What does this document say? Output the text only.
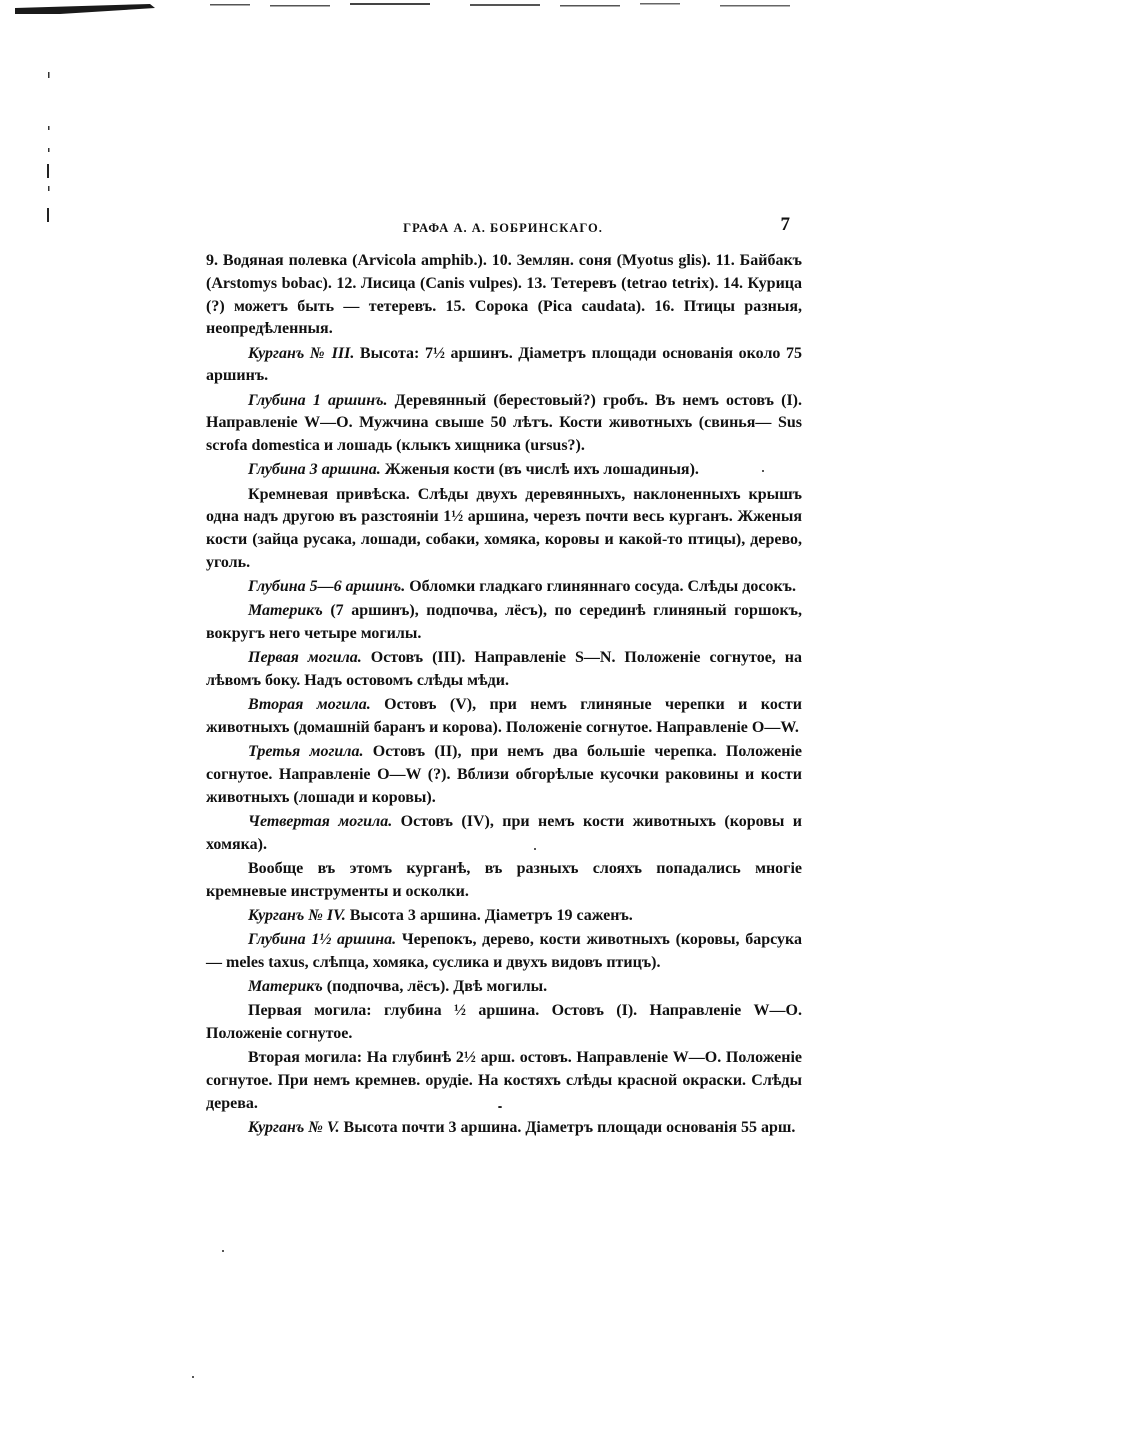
ГРАФА А. А. БОБРИНСКАГО.	7

9. Водяная полевка (Arvicola amphib.). 10. Землян. соня (Myotus glis). 11. Байбакъ (Arstomys bobac). 12. Лисица (Canis vulpes). 13. Тетеревъ (tetrao tetrix). 14. Курица (?) можетъ быть — тетеревъ. 15. Сорока (Pica caudata). 16. Птицы разныя, неопредѣленныя.

Курганъ № III. Высота: 7½ аршинъ. Діаметръ площади основанія около 75 аршинъ.

Глубина 1 аршинъ. Деревянный (берестовый?) гробъ. Въ немъ остовъ (I). Направленіе W—O. Мужчина свыше 50 лѣтъ. Кости животныхъ (свинья— Sus scrofa domestica и лошадь (клыкъ хищника (ursus?).

Глубина 3 аршина. Жженыя кости (въ числѣ ихъ лошадиныя).

Кремневая привѣска. Слѣды двухъ деревянныхъ, наклоненныхъ крышъ одна надъ другою въ разстояніи 1½ аршина, черезъ почти весь курганъ. Жженыя кости (зайца русака, лошади, собаки, хомяка, коровы и какой-то птицы), дерево, уголь.

Глубина 5—6 аршинъ. Обломки гладкаго глиняннаго сосуда. Слѣды досокъ.

Материкъ (7 аршинъ), подпочва, лёсъ), по серединѣ глиняный горшокъ, вокругъ него четыре могилы.

Первая могила. Остовъ (III). Направленіе S—N. Положеніе согнутое, на лѣвомъ боку. Надъ остовомъ слѣды мѣди.

Вторая могила. Остовъ (V), при немъ глиняные черепки и кости животныхъ (домашній баранъ и корова). Положеніе согнутое. Направленіе O—W.

Третья могила. Остовъ (II), при немъ два большіе черепка. Положеніе согнутое. Направленіе O—W (?). Вблизи обгорѣлые кусочки раковины и кости животныхъ (лошади и коровы).

Четвертая могила. Остовъ (IV), при немъ кости животныхъ (коровы и хомяка).

Вообще въ этомъ курганѣ, въ разныхъ слояхъ попадались многіе кремневые инструменты и осколки.

Курганъ № IV. Высота 3 аршина. Діаметръ 19 саженъ.

Глубина 1½ аршина. Черепокъ, дерево, кости животныхъ (коровы, барсука — meles taxus, слѣпца, хомяка, суслика и двухъ видовъ птицъ).

Материкъ (подпочва, лёсъ). Двѣ могилы.

Первая могила: глубина ½ аршина. Остовъ (I). Направленіе W—O. Положеніе согнутое.

Вторая могила: На глубинѣ 2½ арш. остовъ. Направленіе W—O. Положеніе согнутое. При немъ кремнев. орудіе. На костяхъ слѣды красной окраски. Слѣды дерева.

Курганъ № V. Высота почти 3 аршина. Діаметръ площади основанія 55 арш.
